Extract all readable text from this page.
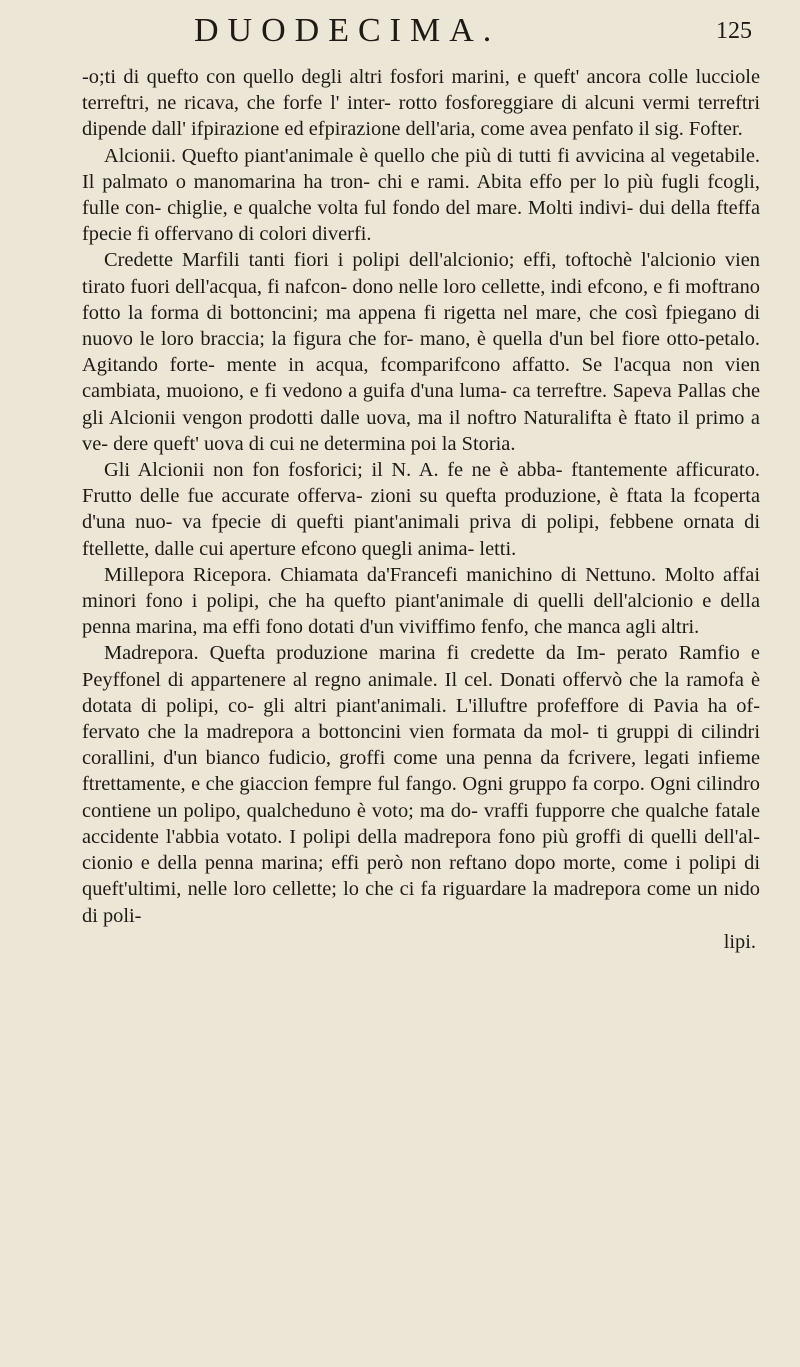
DUODECIMA.	125

-o;ti di quefto con quello degli altri fosfori marini, e queft' ancora colle lucciole terreftri, ne ricava, che forfe l' inter- rotto fosforeggiare di alcuni vermi terreftri dipende dall' ifpirazione ed efpirazione dell'aria, come avea penfato il sig. Fofter.

Alcionii. Quefto piant'animale è quello che più di tutti fi avvicina al vegetabile. Il palmato o manomarina ha tron- chi e rami. Abita effo per lo più fugli fcogli, fulle con- chiglie, e qualche volta ful fondo del mare. Molti indivi- dui della fteffa fpecie fi offervano di colori diverfi.

Credette Marfili tanti fiori i polipi dell'alcionio; effi, toftochè l'alcionio vien tirato fuori dell'acqua, fi nafcon- dono nelle loro cellette, indi efcono, e fi moftrano fotto la forma di bottoncini; ma appena fi rigetta nel mare, che così fpiegano di nuovo le loro braccia; la figura che for- mano, è quella d'un bel fiore otto-petalo. Agitando forte- mente in acqua, fcomparifcono affatto. Se l'acqua non vien cambiata, muoiono, e fi vedono a guifa d'una luma- ca terreftre. Sapeva Pallas che gli Alcionii vengon prodotti dalle uova, ma il noftro Naturalifta è ftato il primo a ve- dere queft' uova di cui ne determina poi la Storia.

Gli Alcionii non fon fosforici; il N. A. fe ne è abba- ftantemente afficurato. Frutto delle fue accurate offerva- zioni su quefta produzione, è ftata la fcoperta d'una nuo- va fpecie di quefti piant'animali priva di polipi, febbene ornata di ftellette, dalle cui aperture efcono quegli anima- letti.

Millepora Ricepora. Chiamata da'Francefi manichino di Nettuno. Molto affai minori fono i polipi, che ha quefto piant'animale di quelli dell'alcionio e della penna marina, ma effi fono dotati d'un viviffimo fenfo, che manca agli altri.

Madrepora. Quefta produzione marina fi credette da Im- perato Ramfio e Peyffonel di appartenere al regno animale. Il cel. Donati offervò che la ramofa è dotata di polipi, co- gli altri piant'animali. L'illuftre profeffore di Pavia ha of- fervato che la madrepora a bottoncini vien formata da mol- ti gruppi di cilindri corallini, d'un bianco fudicio, groffi come una penna da fcrivere, legati infieme ftrettamente, e che giaccion fempre ful fango. Ogni gruppo fa corpo. Ogni cilindro contiene un polipo, qualcheduno è voto; ma do- vraffi fupporre che qualche fatale accidente l'abbia votato. I polipi della madrepora fono più groffi di quelli dell'al- cionio e della penna marina; effi però non reftano dopo morte, come i polipi di queft'ultimi, nelle loro cellette; lo che ci fa riguardare la madrepora come un nido di poli-

lipi.
